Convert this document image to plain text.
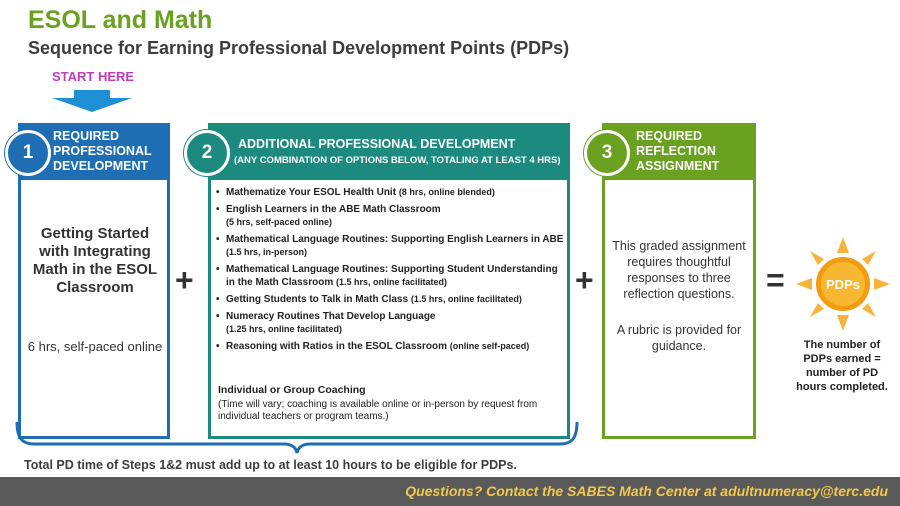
ESOL and Math
Sequence for Earning Professional Development Points (PDPs)
START HERE
REQUIRED PROFESSIONAL DEVELOPMENT
1
Getting Started with Integrating Math in the ESOL Classroom
6 hrs, self-paced online
+
ADDITIONAL PROFESSIONAL DEVELOPMENT
(ANY COMBINATION OF OPTIONS BELOW, TOTALING AT LEAST 4 HRS)
2
• Mathematize Your ESOL Health Unit (8 hrs, online blended)
• English Learners in the ABE Math Classroom
(5 hrs, self-paced online)
• Mathematical Language Routines: Supporting English Learners in ABE (1.5 hrs, in-person)
• Mathematical Language Routines: Supporting Student Understanding in the Math Classroom (1.5 hrs, online facilitated)
• Getting Students to Talk in Math Class (1.5 hrs, online facilitated)
• Numeracy Routines That Develop Language
(1.25 hrs, online facilitated)
• Reasoning with Ratios in the ESOL Classroom (online self-paced)
Individual or Group Coaching
(Time will vary; coaching is available online or in-person by request from individual teachers or program teams.)
+
REQUIRED REFLECTION ASSIGNMENT
3
This graded assignment requires thoughtful responses to three reflection questions.
A rubric is provided for guidance.
=	PDPs
The number of PDPs earned = number of PD hours completed.
Total PD time of Steps 1&2 must add up to at least 10 hours to be eligible for PDPs.
Questions? Contact the SABES Math Center at adultnumeracy@terc.edu
